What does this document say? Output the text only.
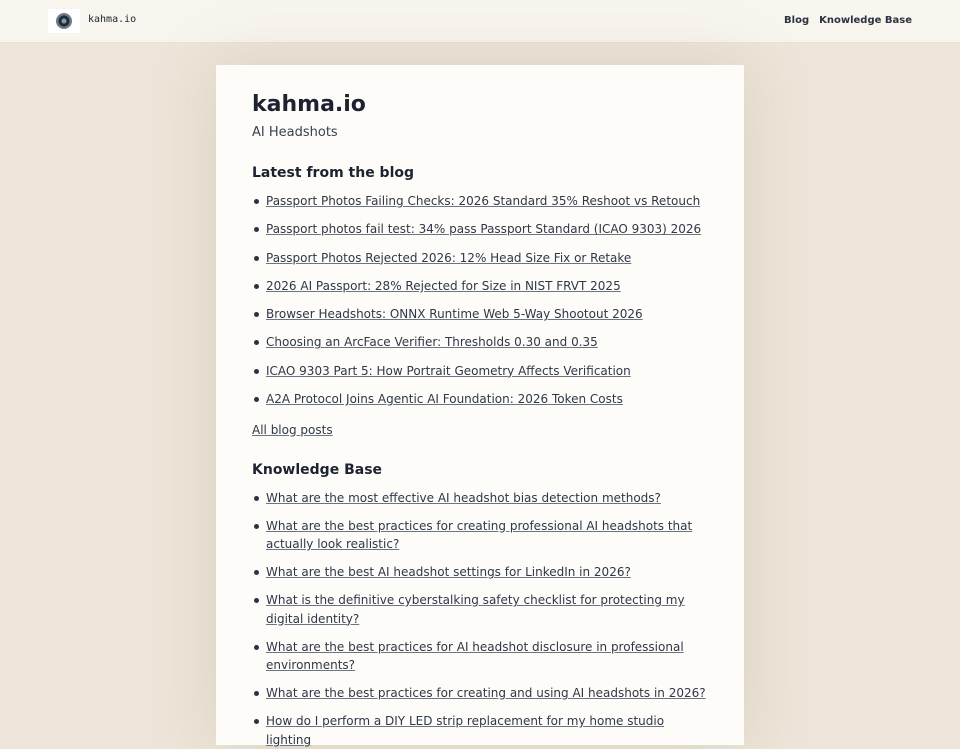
kahma.io	Blog Knowledge Base
kahma.io

AI Headshots

Latest from the blog
Passport Photos Failing Checks: 2026 Standard 35% Reshoot vs Retouch
Passport photos fail test: 34% pass Passport Standard (ICAO 9303) 2026
Passport Photos Rejected 2026: 12% Head Size Fix or Retake
2026 AI Passport: 28% Rejected for Size in NIST FRVT 2025
Browser Headshots: ONNX Runtime Web 5-Way Shootout 2026
Choosing an ArcFace Verifier: Thresholds 0.30 and 0.35
ICAO 9303 Part 5: How Portrait Geometry Affects Verification
A2A Protocol Joins Agentic AI Foundation: 2026 Token Costs
All blog posts
Knowledge Base
What are the most effective AI headshot bias detection methods?
What are the best practices for creating professional AI headshots that actually look realistic?
What are the best AI headshot settings for LinkedIn in 2026?
What is the definitive cyberstalking safety checklist for protecting my digital identity?
What are the best practices for AI headshot disclosure in professional environments?
What are the best practices for creating and using AI headshots in 2026?
How do I perform a DIY LED strip replacement for my home studio lighting
